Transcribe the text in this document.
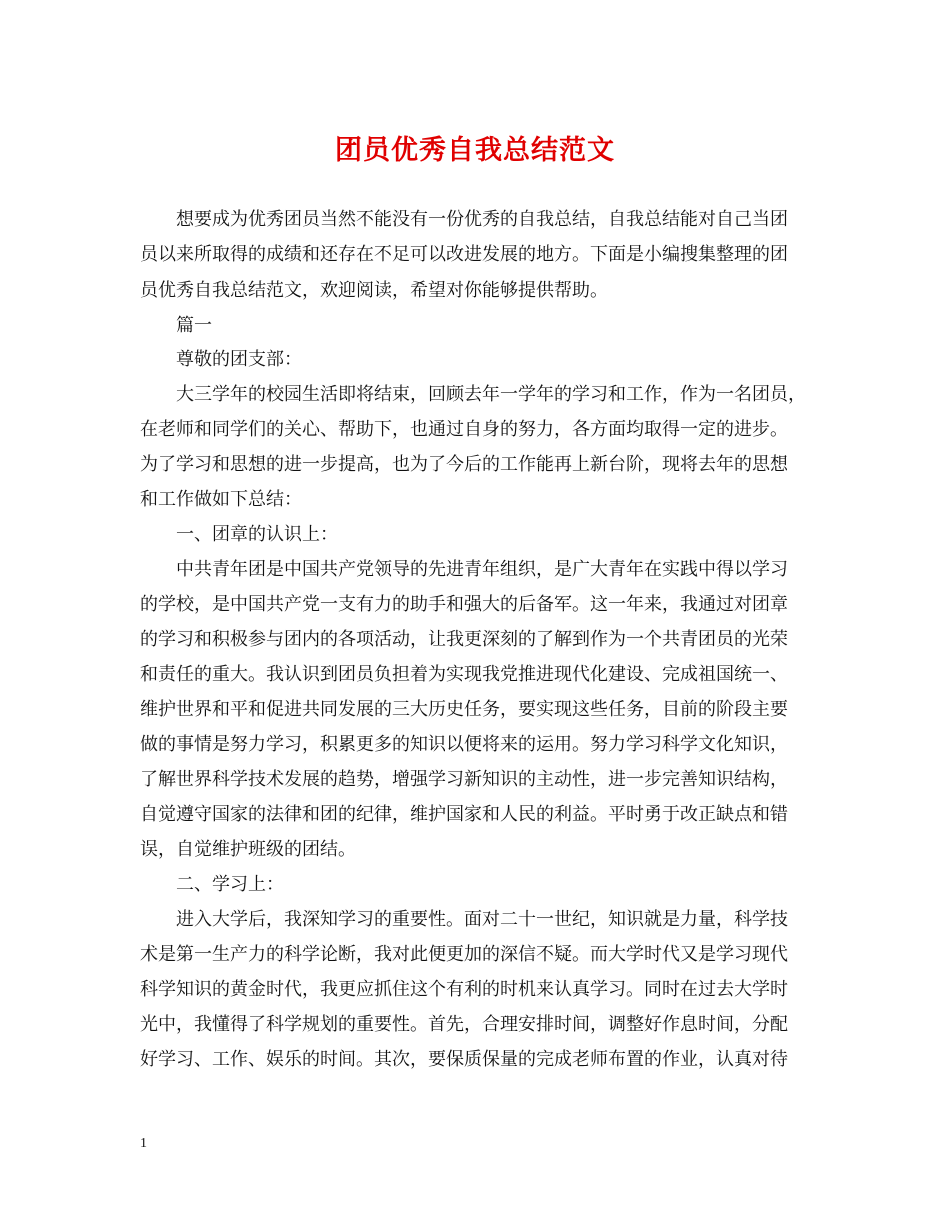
团员优秀自我总结范文
想要成为优秀团员当然不能没有一份优秀的自我总结，自我总结能对自己当团
员以来所取得的成绩和还存在不足可以改进发展的地方。下面是小编搜集整理的团
员优秀自我总结范文，欢迎阅读，希望对你能够提供帮助。
篇一
尊敬的团支部：
大三学年的校园生活即将结束，回顾去年一学年的学习和工作，作为一名团员，
在老师和同学们的关心、帮助下，也通过自身的努力，各方面均取得一定的进步。
为了学习和思想的进一步提高，也为了今后的工作能再上新台阶，现将去年的思想
和工作做如下总结：
一、团章的认识上：
中共青年团是中国共产党领导的先进青年组织，是广大青年在实践中得以学习
的学校，是中国共产党一支有力的助手和强大的后备军。这一年来，我通过对团章
的学习和积极参与团内的各项活动，让我更深刻的了解到作为一个共青团员的光荣
和责任的重大。我认识到团员负担着为实现我党推进现代化建设、完成祖国统一、
维护世界和平和促进共同发展的三大历史任务，要实现这些任务，目前的阶段主要
做的事情是努力学习，积累更多的知识以便将来的运用。努力学习科学文化知识，
了解世界科学技术发展的趋势，增强学习新知识的主动性，进一步完善知识结构，
自觉遵守国家的法律和团的纪律，维护国家和人民的利益。平时勇于改正缺点和错
误，自觉维护班级的团结。
二、学习上：
进入大学后，我深知学习的重要性。面对二十一世纪，知识就是力量，科学技
术是第一生产力的科学论断，我对此便更加的深信不疑。而大学时代又是学习现代
科学知识的黄金时代，我更应抓住这个有利的时机来认真学习。同时在过去大学时
光中，我懂得了科学规划的重要性。首先，合理安排时间，调整好作息时间，分配
好学习、工作、娱乐的时间。其次，要保质保量的完成老师布置的作业，认真对待
1
